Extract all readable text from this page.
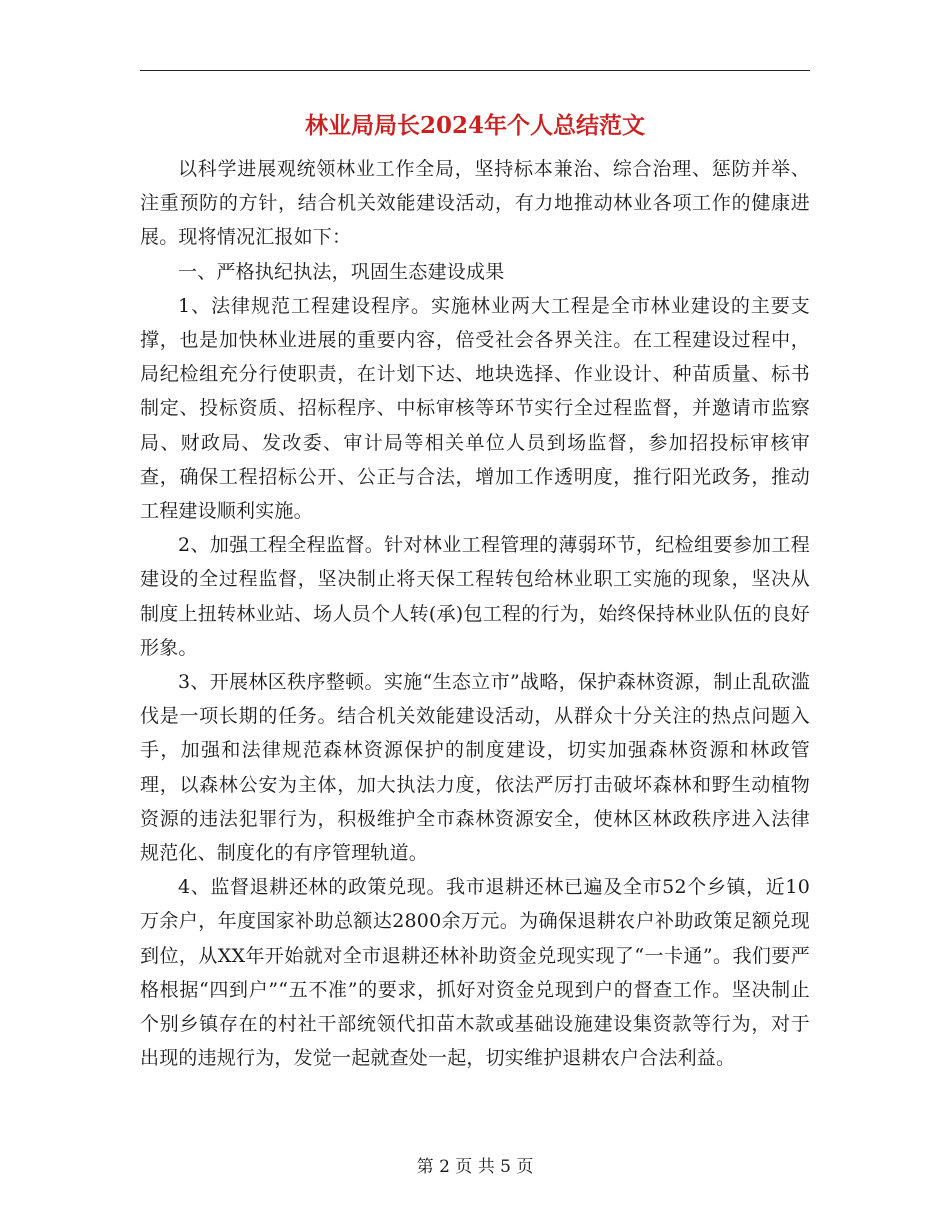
林业局局长2024年个人总结范文

以科学进展观统领林业工作全局，坚持标本兼治、综合治理、惩防并举、注重预防的方针，结合机关效能建设活动，有力地推动林业各项工作的健康进展。现将情况汇报如下：

一、严格执纪执法，巩固生态建设成果

1、法律规范工程建设程序。实施林业两大工程是全市林业建设的主要支撑，也是加快林业进展的重要内容，倍受社会各界关注。在工程建设过程中，局纪检组充分行使职责，在计划下达、地块选择、作业设计、种苗质量、标书制定、投标资质、招标程序、中标审核等环节实行全过程监督，并邀请市监察局、财政局、发改委、审计局等相关单位人员到场监督，参加招投标审核审查，确保工程招标公开、公正与合法，增加工作透明度，推行阳光政务，推动工程建设顺利实施。

2、加强工程全程监督。针对林业工程管理的薄弱环节，纪检组要参加工程建设的全过程监督，坚决制止将天保工程转包给林业职工实施的现象，坚决从制度上扭转林业站、场人员个人转(承)包工程的行为，始终保持林业队伍的良好形象。

3、开展林区秩序整顿。实施“生态立市”战略，保护森林资源，制止乱砍滥伐是一项长期的任务。结合机关效能建设活动，从群众十分关注的热点问题入手，加强和法律规范森林资源保护的制度建设，切实加强森林资源和林政管理，以森林公安为主体，加大执法力度，依法严厉打击破坏森林和野生动植物资源的违法犯罪行为，积极维护全市森林资源安全，使林区林政秩序进入法律规范化、制度化的有序管理轨道。

4、监督退耕还林的政策兑现。我市退耕还林已遍及全市52个乡镇，近10万余户，年度国家补助总额达2800余万元。为确保退耕农户补助政策足额兑现到位，从XX年开始就对全市退耕还林补助资金兑现实现了“一卡通”。我们要严格根据“四到户”“五不准”的要求，抓好对资金兑现到户的督查工作。坚决制止个别乡镇存在的村社干部统领代扣苗木款或基础设施建设集资款等行为，对于出现的违规行为，发觉一起就查处一起，切实维护退耕农户合法利益。

第 2 页 共 5 页
